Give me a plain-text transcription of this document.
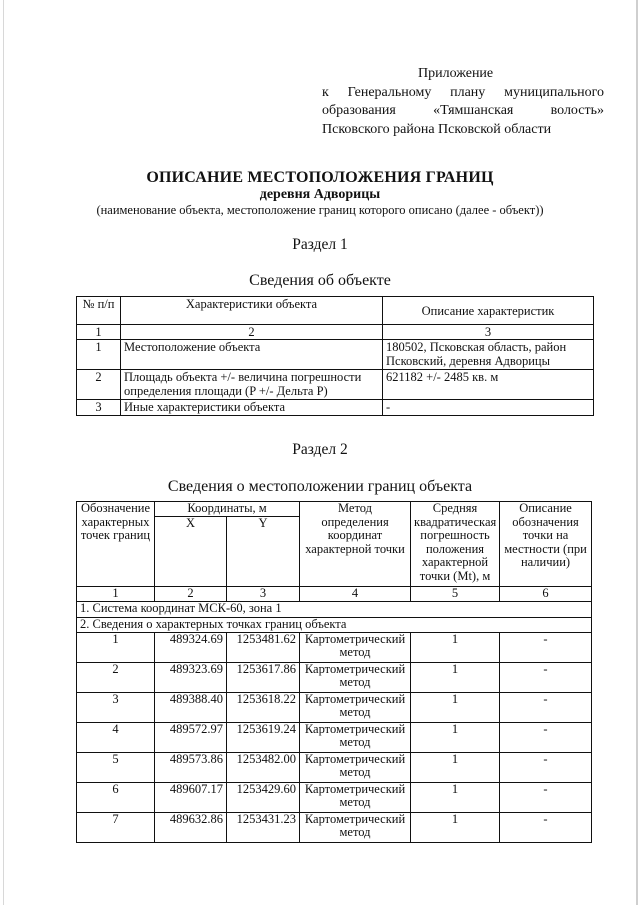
Приложение
к Генеральному плану муниципального
образования «Тямшанская волость»
Псковского района Псковской области
ОПИСАНИЕ МЕСТОПОЛОЖЕНИЯ ГРАНИЦ
деревня Адворицы
(наименование объекта, местоположение границ которого описано (далее - объект))
Раздел 1
Сведения об объекте
№ п/п	Характеристики объекта	Описание характеристик
1	2	3
1	Местоположение объекта	180502, Псковская область, район Псковский, деревня Адворицы
2	Площадь объекта +/- величина погрешности определения площади (P +/- Дельта P)	621182 +/- 2485 кв. м
3	Иные характеристики объекта	-
Раздел 2
Сведения о местоположении границ объекта
Обозначение характерных точек границ	Координаты, м		Метод определения координат характерной точки	Средняя квадратическая погрешность положения характерной точки (Mt), м	Описание обозначения точки на местности (при наличии)
	X	Y			
1	2	3	4	5	6
1. Система координат МСК-60, зона 1					
2. Сведения о характерных точках границ объекта					
1	489324.69	1253481.62	Картометрический метод	1	-
2	489323.69	1253617.86	Картометрический метод	1	-
3	489388.40	1253618.22	Картометрический метод	1	-
4	489572.97	1253619.24	Картометрический метод	1	-
5	489573.86	1253482.00	Картометрический метод	1	-
6	489607.17	1253429.60	Картометрический метод	1	-
7	489632.86	1253431.23	Картометрический метод	1	-
